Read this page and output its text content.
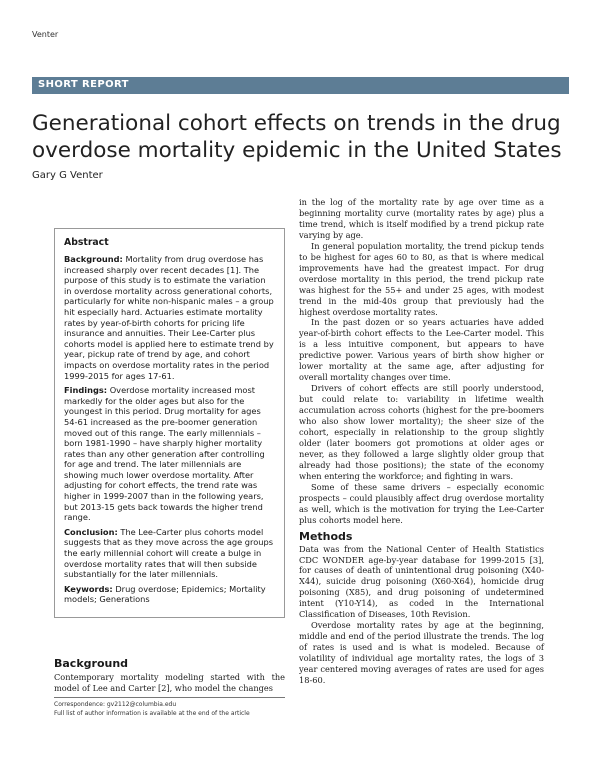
Venter
SHORT REPORT
Generational cohort effects on trends in the drug overdose mortality epidemic in the United States
Gary G Venter
Abstract

Background: Mortality from drug overdose has increased sharply over recent decades [1]. The purpose of this study is to estimate the variation in overdose mortality across generational cohorts, particularly for white non-hispanic males – a group hit especially hard. Actuaries estimate mortality rates by year-of-birth cohorts for pricing life insurance and annuities. Their Lee-Carter plus cohorts model is applied here to estimate trend by year, pickup rate of trend by age, and cohort impacts on overdose mortality rates in the period 1999-2015 for ages 17-61.

Findings: Overdose mortality increased most markedly for the older ages but also for the youngest in this period. Drug mortality for ages 54-61 increased as the pre-boomer generation moved out of this range. The early millennials – born 1981-1990 – have sharply higher mortality rates than any other generation after controlling for age and trend. The later millennials are showing much lower overdose mortality. After adjusting for cohort effects, the trend rate was higher in 1999-2007 than in the following years, but 2013-15 gets back towards the higher trend range.

Conclusion: The Lee-Carter plus cohorts model suggests that as they move across the age groups the early millennial cohort will create a bulge in overdose mortality rates that will then subside substantially for the later millennials.

Keywords: Drug overdose; Epidemics; Mortality models; Generations

Background

Contemporary mortality modeling started with the model of Lee and Carter [2], who model the changes

Correspondence: gv2112@columbia.edu
Full list of author information is available at the end of the article

in the log of the mortality rate by age over time as a beginning mortality curve (mortality rates by age) plus a time trend, which is itself modified by a trend pickup rate varying by age.

In general population mortality, the trend pickup tends to be highest for ages 60 to 80, as that is where medical improvements have had the greatest impact. For drug overdose mortality in this period, the trend pickup rate was highest for the 55+ and under 25 ages, with modest trend in the mid-40s group that previously had the highest overdose mortality rates.

In the past dozen or so years actuaries have added year-of-birth cohort effects to the Lee-Carter model. This is a less intuitive component, but appears to have predictive power. Various years of birth show higher or lower mortality at the same age, after adjusting for overall mortality changes over time.

Drivers of cohort effects are still poorly understood, but could relate to: variability in lifetime wealth accumulation across cohorts (highest for the pre-boomers who also show lower mortality); the sheer size of the cohort, especially in relationship to the group slightly older (later boomers got promotions at older ages or never, as they followed a large slightly older group that already had those positions); the state of the economy when entering the workforce; and fighting in wars.

Some of these same drivers – especially economic prospects – could plausibly affect drug overdose mortality as well, which is the motivation for trying the Lee-Carter plus cohorts model here.

Methods

Data was from the National Center of Health Statistics CDC WONDER age-by-year database for 1999-2015 [3], for causes of death of unintentional drug poisoning (X40-X44), suicide drug poisoning (X60-X64), homicide drug poisoning (X85), and drug poisoning of undetermined intent (Y10-Y14), as coded in the International Classification of Diseases, 10th Revision.

Overdose mortality rates by age at the beginning, middle and end of the period illustrate the trends. The log of rates is used and is what is modeled. Because of volatility of individual age mortality rates, the logs of 3 year centered moving averages of rates are used for ages 18-60.
